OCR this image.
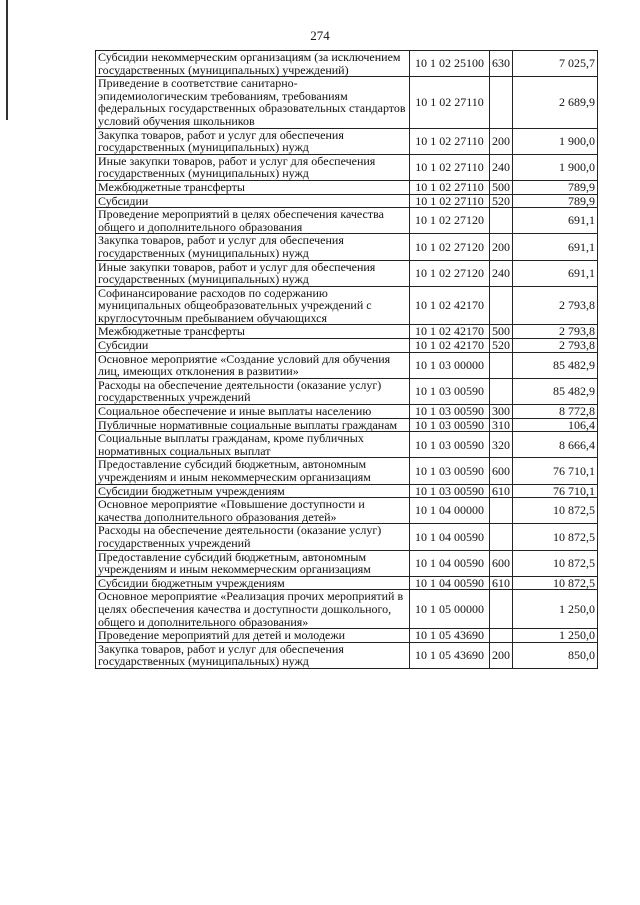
274
Субсидии некоммерческим организациям (за исключением государственных (муниципальных) учреждений)	10 1 02 25100	630	7 025,7
Приведение в соответствие санитарно-эпидемиологическим требованиям, требованиям федеральных государственных образовательных стандартов условий обучения школьников	10 1 02 27110		2 689,9
Закупка товаров, работ и услуг для обеспечения государственных (муниципальных) нужд	10 1 02 27110	200	1 900,0
Иные закупки товаров, работ и услуг для обеспечения государственных (муниципальных) нужд	10 1 02 27110	240	1 900,0
Межбюджетные трансферты	10 1 02 27110	500	789,9
Субсидии	10 1 02 27110	520	789,9
Проведение мероприятий в целях обеспечения качества общего и дополнительного образования	10 1 02 27120		691,1
Закупка товаров, работ и услуг для обеспечения государственных (муниципальных) нужд	10 1 02 27120	200	691,1
Иные закупки товаров, работ и услуг для обеспечения государственных (муниципальных) нужд	10 1 02 27120	240	691,1
Софинансирование расходов по содержанию муниципальных общеобразовательных учреждений с круглосуточным пребыванием обучающихся	10 1 02 42170		2 793,8
Межбюджетные трансферты	10 1 02 42170	500	2 793,8
Субсидии	10 1 02 42170	520	2 793,8
Основное мероприятие «Создание условий для обучения лиц, имеющих отклонения в развитии»	10 1 03 00000		85 482,9
Расходы на обеспечение деятельности (оказание услуг) государственных учреждений	10 1 03 00590		85 482,9
Социальное обеспечение и иные выплаты населению	10 1 03 00590	300	8 772,8
Публичные нормативные социальные выплаты гражданам	10 1 03 00590	310	106,4
Социальные выплаты гражданам, кроме публичных нормативных социальных выплат	10 1 03 00590	320	8 666,4
Предоставление субсидий бюджетным, автономным учреждениям и иным некоммерческим организациям	10 1 03 00590	600	76 710,1
Субсидии бюджетным учреждениям	10 1 03 00590	610	76 710,1
Основное мероприятие «Повышение доступности и качества дополнительного образования детей»	10 1 04 00000		10 872,5
Расходы на обеспечение деятельности (оказание услуг) государственных учреждений	10 1 04 00590		10 872,5
Предоставление субсидий бюджетным, автономным учреждениям и иным некоммерческим организациям	10 1 04 00590	600	10 872,5
Субсидии бюджетным учреждениям	10 1 04 00590	610	10 872,5
Основное мероприятие «Реализация прочих мероприятий в целях обеспечения качества и доступности дошкольного, общего и дополнительного образования»	10 1 05 00000		1 250,0
Проведение мероприятий для детей и молодежи	10 1 05 43690		1 250,0
Закупка товаров, работ и услуг для обеспечения государственных (муниципальных) нужд	10 1 05 43690	200	850,0
